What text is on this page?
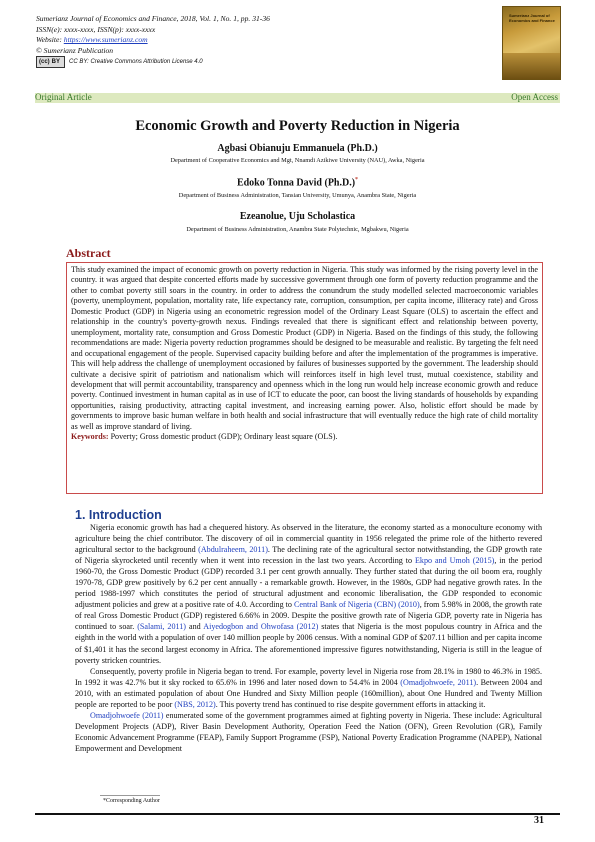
Sumerianz Journal of Economics and Finance, 2018, Vol. 1, No. 1, pp. 31-36
ISSN(e): xxxx-xxxx, ISSN(p): xxxx-xxxx
Website: https://www.sumerianz.com
© Sumerianz Publication
(cc) BY CC BY: Creative Commons Attribution License 4.0
Sumerianz Journal of Economics and Finance
Original Article	Open Access
Economic Growth and Poverty Reduction in Nigeria
Agbasi Obianuju Emmanuela (Ph.D.)
Department of Cooperative Economics and Mgt, Nnamdi Azikiwe University (NAU), Awka, Nigeria
Edoko Tonna David (Ph.D.)*
Department of Business Administration, Tansian University, Umunya, Anambra State, Nigeria
Ezeanolue, Uju Scholastica
Department of Business Administration, Anambra State Polytechnic, Mgbakwu, Nigeria
Abstract
This study examined the impact of economic growth on poverty reduction in Nigeria. This study was informed by the rising poverty level in the country. it was argued that despite concerted efforts made by successive government through one form of poverty reduction programme and the other to combat poverty still soars in the country. in order to address the conundrum the study modelled selected macroeconomic variables (poverty, unemployment, population, mortality rate, life expectancy rate, corruption, consumption, per capita income, illiteracy rate) and Gross Domestic Product (GDP) in Nigeria using an econometric regression model of the Ordinary Least Square (OLS) to ascertain the effect and relationship in the country's poverty-growth nexus. Findings revealed that there is significant effect and relationship between poverty, unemployment, mortality rate, consumption and Gross Domestic Product (GDP) in Nigeria. Based on the findings of this study, the following recommendations are made: Nigeria poverty reduction programmes should be designed to be measurable and realistic. By targeting the felt need and occupational engagement of the people. Supervised capacity building before and after the implementation of the programmes is imperative. This will help address the challenge of unemployment occasioned by failures of businesses supported by the government. The leadership should cultivate a decisive spirit of patriotism and nationalism which will reinforces itself in high level trust, mutual coexistence, stability and development that will permit accountability, transparency and openness which in the long run would help increase economic growth and reduce poverty. Continued investment in human capital as in use of ICT to educate the poor, can boost the living standards of households by expanding opportunities, raising productivity, attracting capital investment, and increasing earning power. Also, holistic effort should be made by governments to improve basic human welfare in both health and social infrastructure that will eventually reduce the high rate of child mortality as well as improve standard of living.
Keywords: Poverty; Gross domestic product (GDP); Ordinary least square (OLS).
1. Introduction

Nigeria economic growth has had a chequered history. As observed in the literature, the economy started as a monoculture economy with agriculture being the chief contributor. The discovery of oil in commercial quantity in 1956 relegated the prime role of the hitherto revered agricultural sector to the background (Abdulraheem, 2011). The declining rate of the agricultural sector notwithstanding, the GDP growth rate of Nigeria skyrocketed until recently when it went into recession in the last two years. According to Ekpo and Umoh (2015), in the period 1960-70, the Gross Domestic Product (GDP) recorded 3.1 per cent growth annually. They further stated that during the oil boom era, roughly 1970-78, GDP grew positively by 6.2 per cent annually - a remarkable growth. However, in the 1980s, GDP had negative growth rates. In the period 1988-1997 which constitutes the period of structural adjustment and economic liberalisation, the GDP responded to economic adjustment policies and grew at a positive rate of 4.0. According to Central Bank of Nigeria (CBN) (2010), from 5.98% in 2008, the growth rate of real Gross Domestic Product (GDP) registered 6.66% in 2009. Despite the positive growth rate of Nigeria GDP, poverty rate in Nigeria has continued to soar. (Salami, 2011) and Aiyedogbon and Ohwofasa (2012) states that Nigeria is the most populous country in Africa and the eighth in the world with a population of over 140 million people by 2006 census. With a nominal GDP of $207.11 billion and per capita income of $1,401 it has the second largest economy in Africa. The aforementioned impressive figures notwithstanding, Nigeria is still in the league of poverty stricken countries.

Consequently, poverty profile in Nigeria began to trend. For example, poverty level in Nigeria rose from 28.1% in 1980 to 46.3% in 1985. In 1992 it was 42.7% but it sky rocked to 65.6% in 1996 and later nosed down to 54.4% in 2004 (Omadjohwoefe, 2011). Between 2004 and 2010, with an estimated population of about One Hundred and Sixty Million people (160million), about One Hundred and Twenty Million people are reported to be poor (NBS, 2012). This poverty trend has continued to rise despite government efforts in attacking it.

Omadjohwoefe (2011) enumerated some of the government programmes aimed at fighting poverty in Nigeria. These include: Agricultural Development Projects (ADP), River Basin Development Authority, Operation Feed the Nation (OFN), Green Revolution (GR), Family Economic Advancement Programme (FEAP), Family Support Programme (FSP), National Poverty Eradication Programme (NAPEP), National Empowerment and Development

*Corresponding Author
31
